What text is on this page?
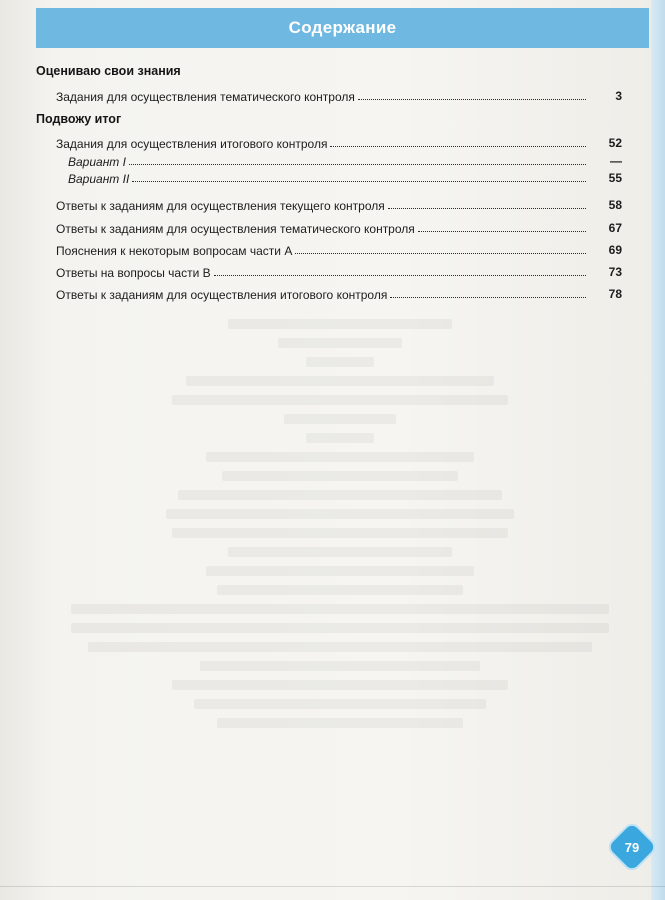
Содержание
Оцениваю свои знания
Задания для осуществления тематического контроля	3
Подвожу итог
Задания для осуществления итогового контроля	52
Вариант I	—
Вариант II	55
Ответы к заданиям для осуществления текущего контроля	58
Ответы к заданиям для осуществления тематического контроля	67
Пояснения к некоторым вопросам части А	69
Ответы на вопросы части В	73
Ответы к заданиям для осуществления итогового контроля	78
79
